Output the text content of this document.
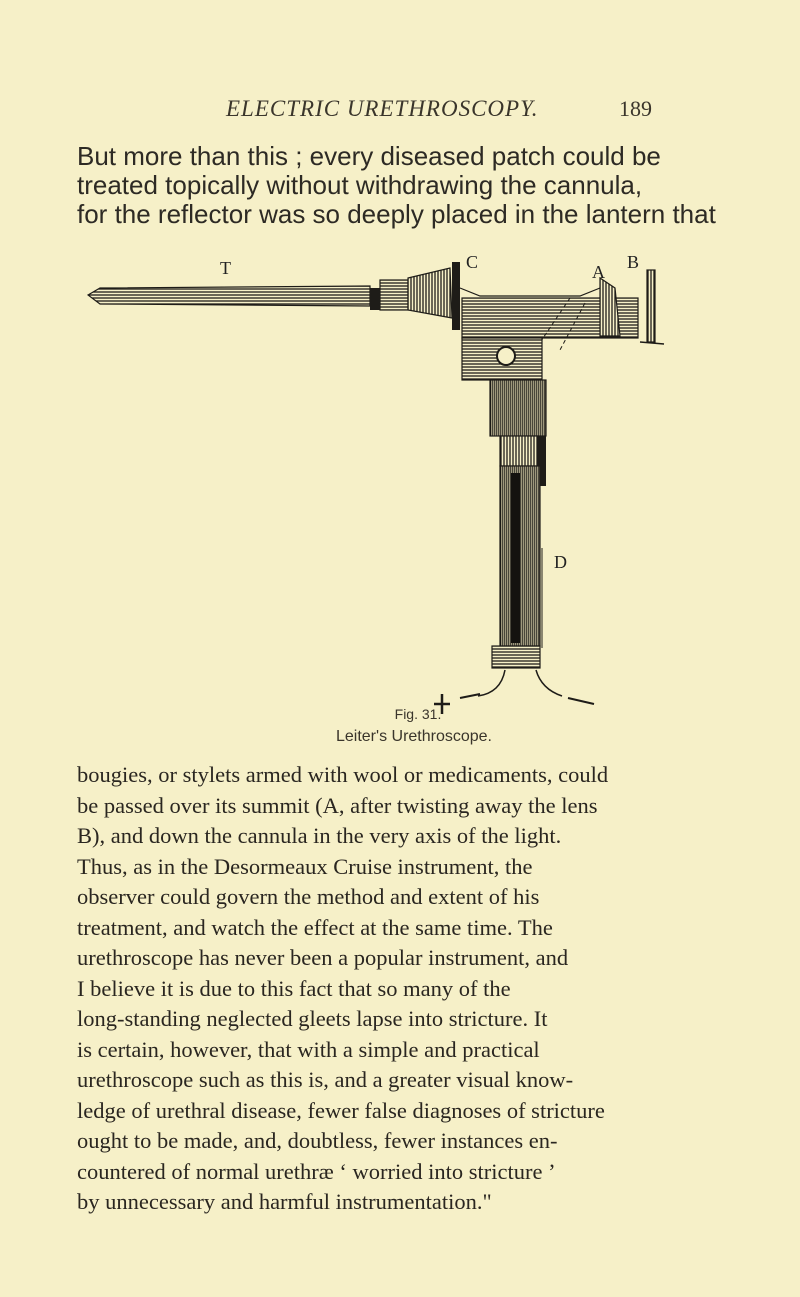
ELECTRIC URETHROSCOPY.	189
But more than this ; every diseased patch could be
treated topically without withdrawing the cannula,
for the reflector was so deeply placed in the lantern that
T	C	A B
D
Fig. 31.
Leiter's Urethroscope.
bougies, or stylets armed with wool or medicaments, could
be passed over its summit (A, after twisting away the lens
B), and down the cannula in the very axis of the light.
Thus, as in the Desormeaux Cruise instrument, the
observer could govern the method and extent of his
treatment, and watch the effect at the same time. The
urethroscope has never been a popular instrument, and
I believe it is due to this fact that so many of the
long-standing neglected gleets lapse into stricture. It
is certain, however, that with a simple and practical
urethroscope such as this is, and a greater visual know-
ledge of urethral disease, fewer false diagnoses of stricture
ought to be made, and, doubtless, fewer instances en-
countered of normal urethræ ‘ worried into stricture ’
by unnecessary and harmful instrumentation."
